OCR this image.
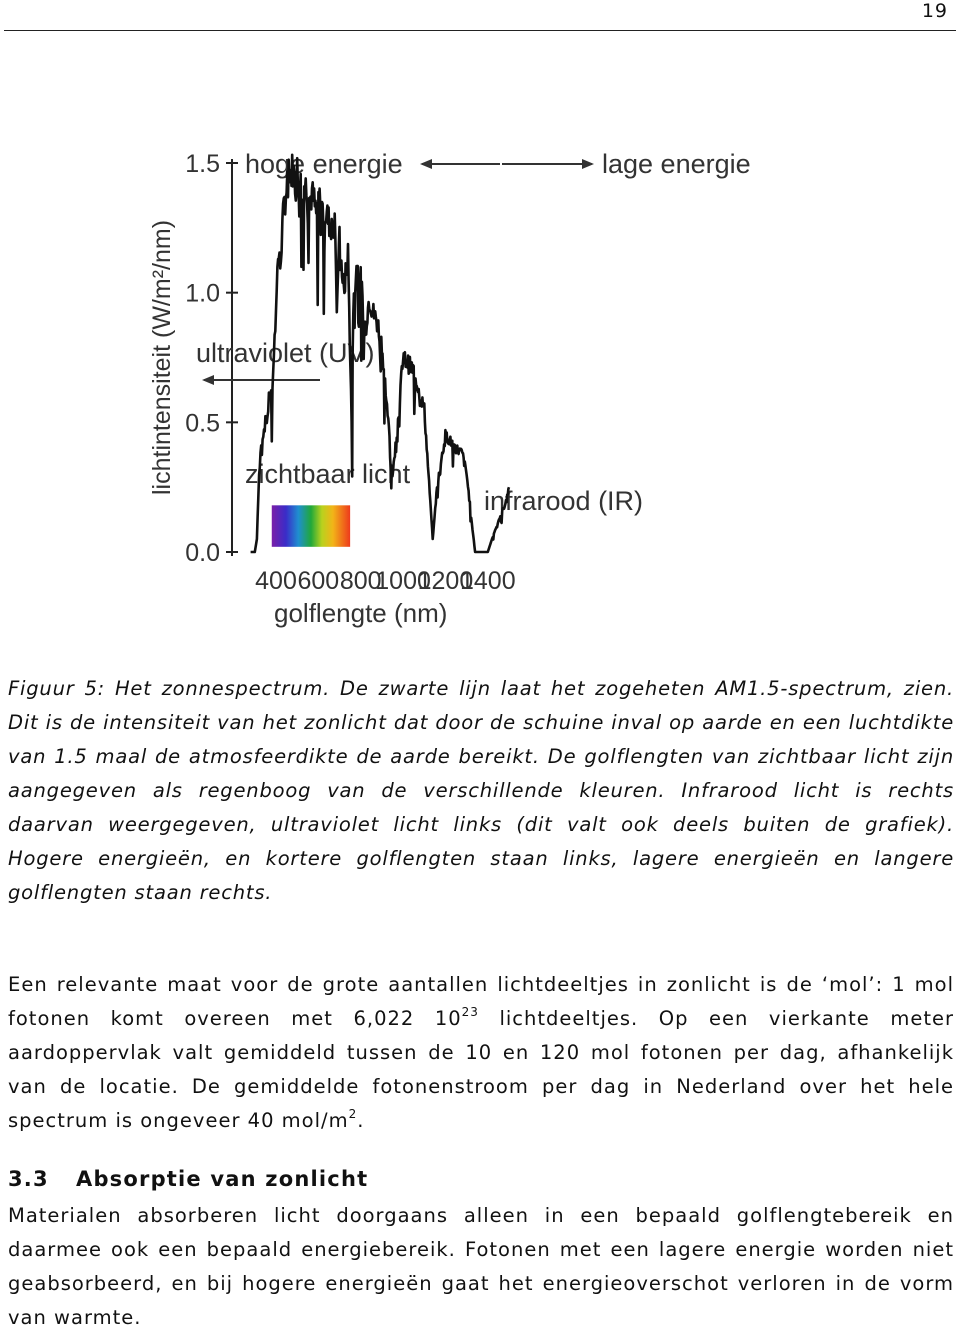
19
0.0
0.5
1.0
1.5
400 600 800
1000
1200
1400
golflengte (nm)
lichtintensiteit (W/m²/nm)
hoge energie	lage energie
ultraviolet (UV)
zichtbaar licht
infrarood (IR)

Figuur 5: Het zonnespectrum. De zwarte lijn laat het zogeheten AM1.5-spectrum, zien. Dit is de intensiteit van het zonlicht dat door de schuine inval op aarde en een luchtdikte van 1.5 maal de atmosfeerdikte de aarde bereikt. De golflengten van zichtbaar licht zijn aangegeven als regenboog van de verschillende kleuren. Infrarood licht is rechts daarvan weergegeven, ultraviolet licht links (dit valt ook deels buiten de grafiek). Hogere energieën, en kortere golflengten staan links, lagere energieën en langere golflengten staan rechts.

Een relevante maat voor de grote aantallen lichtdeeltjes in zonlicht is de ‘mol’: 1 mol fotonen komt overeen met 6,022 $10^{23}$ lichtdeeltjes. Op een vierkante meter aardoppervlak valt gemiddeld tussen de 10 en 120 mol fotonen per dag, afhankelijk van de locatie. De gemiddelde fotonenstroom per dag in Nederland over het hele spectrum is ongeveer 40 mol/$m^2$.

3.3 Absorptie van zonlicht

Materialen absorberen licht doorgaans alleen in een bepaald golflengtebereik en daarmee ook een bepaald energiebereik. Fotonen met een lagere energie worden niet geabsorbeerd, en bij hogere energieën gaat het energieoverschot verloren in de vorm van warmte.
